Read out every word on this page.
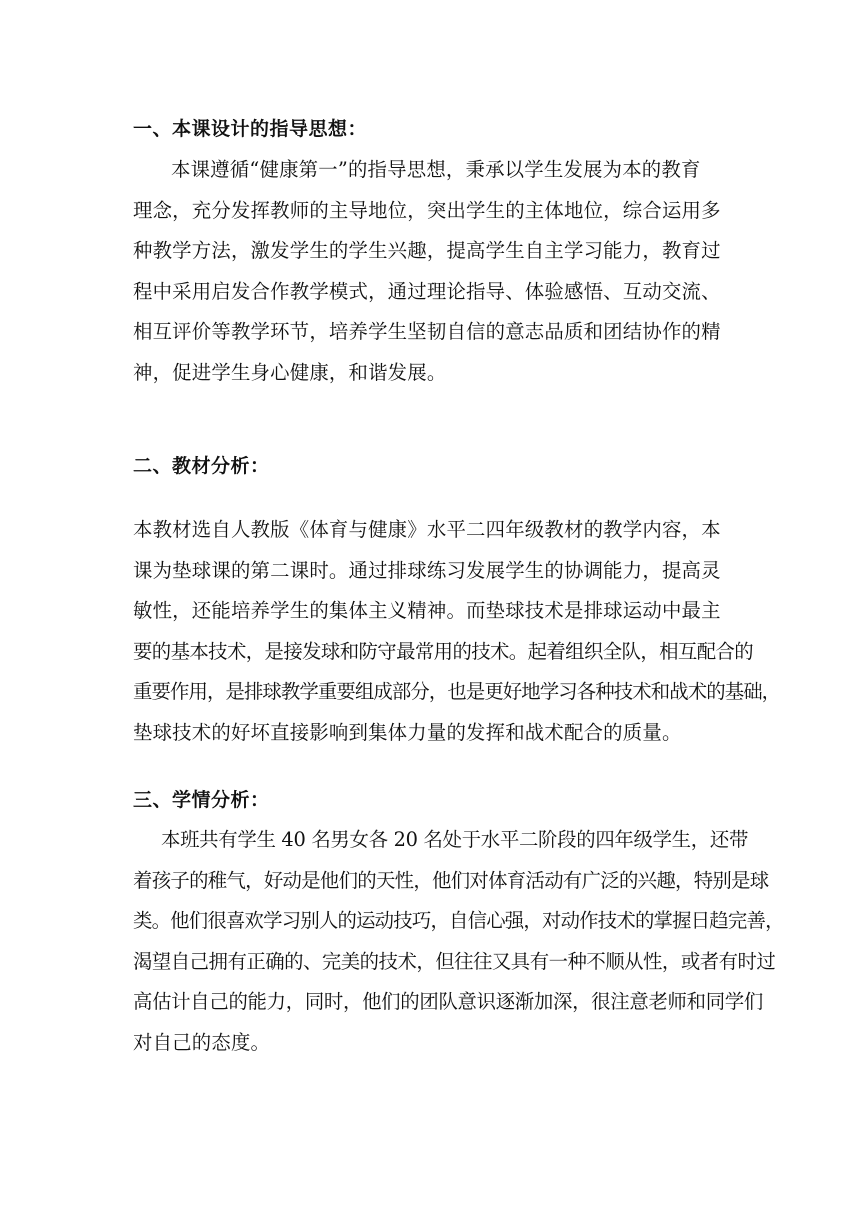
一、本课设计的指导思想：
本课遵循“健康第一”的指导思想，秉承以学生发展为本的教育
理念，充分发挥教师的主导地位，突出学生的主体地位，综合运用多
种教学方法，激发学生的学生兴趣，提高学生自主学习能力，教育过
程中采用启发合作教学模式，通过理论指导、体验感悟、互动交流、
相互评价等教学环节，培养学生坚韧自信的意志品质和团结协作的精
神，促进学生身心健康，和谐发展。
二、教材分析：
本教材选自人教版《体育与健康》水平二四年级教材的教学内容，本
课为垫球课的第二课时。通过排球练习发展学生的协调能力，提高灵
敏性，还能培养学生的集体主义精神。而垫球技术是排球运动中最主
要的基本技术，是接发球和防守最常用的技术。起着组织全队，相互配合的
重要作用，是排球教学重要组成部分，也是更好地学习各种技术和战术的基础，
垫球技术的好坏直接影响到集体力量的发挥和战术配合的质量。
三、学情分析：
本班共有学生 40 名男女各 20 名处于水平二阶段的四年级学生，还带
着孩子的稚气，好动是他们的天性，他们对体育活动有广泛的兴趣，特别是球
类。他们很喜欢学习别人的运动技巧，自信心强，对动作技术的掌握日趋完善，
渴望自己拥有正确的、完美的技术，但往往又具有一种不顺从性，或者有时过
高估计自己的能力，同时，他们的团队意识逐渐加深，很注意老师和同学们
对自己的态度。
